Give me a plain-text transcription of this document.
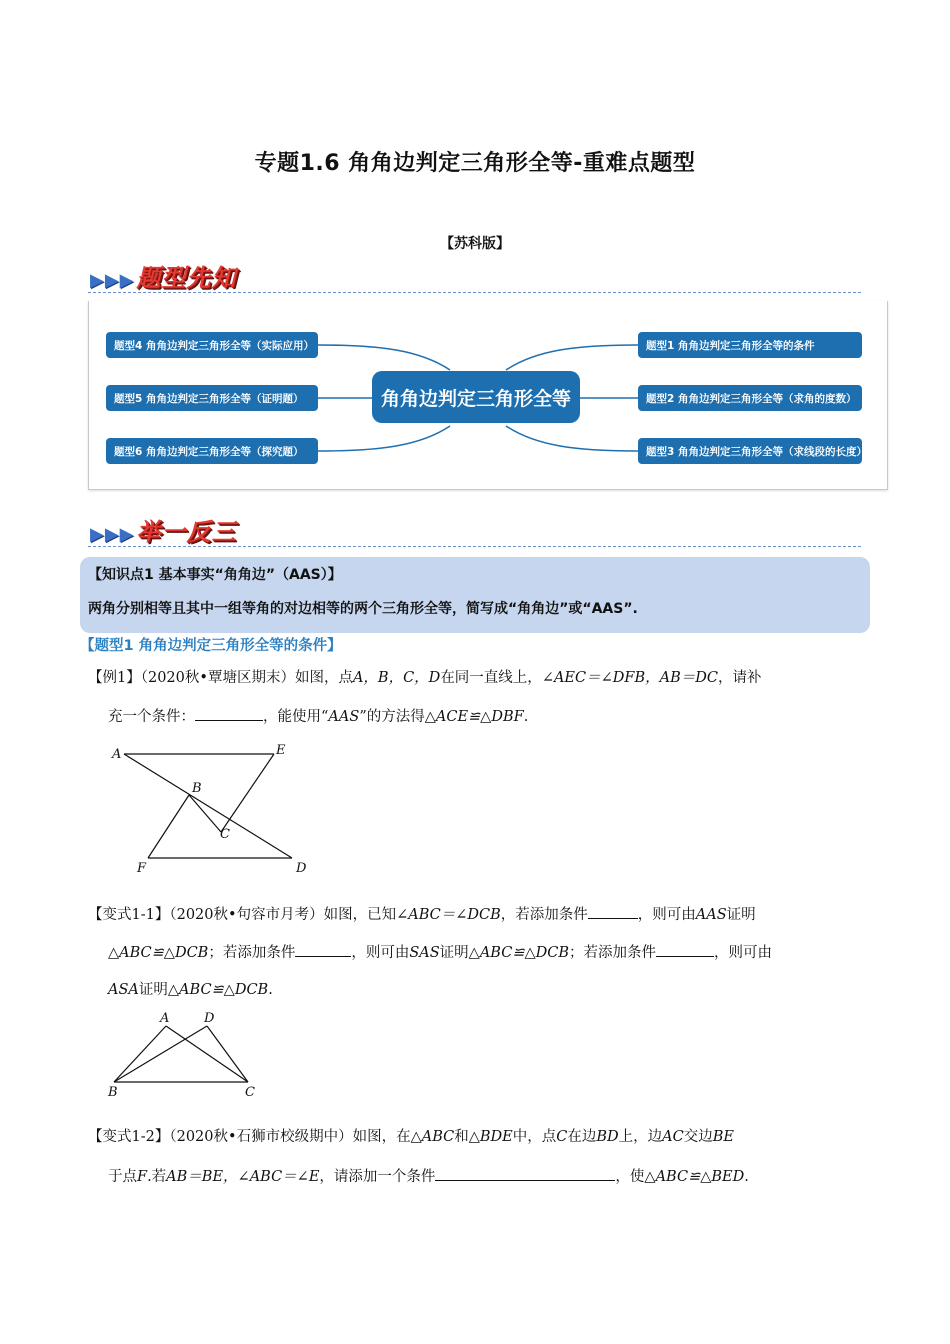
专题1.6 角角边判定三角形全等-重难点题型
【苏科版】
▶▶▶题型先知
题型4 角角边判定三角形全等（实际应用）
题型5 角角边判定三角形全等（证明题）
题型6 角角边判定三角形全等（探究题）
角角边判定三角形全等
题型1 角角边判定三角形全等的条件
题型2 角角边判定三角形全等（求角的度数）
题型3 角角边判定三角形全等（求线段的长度）
▶▶▶举一反三
【知识点1 基本事实“角角边”（AAS）】
两角分别相等且其中一组等角的对边相等的两个三角形全等，简写成“角角边”或“AAS”.
【题型1 角角边判定三角形全等的条件】
【例1】（2020秋•覃塘区期末）如图，点A，B，C，D在同一直线上，∠AEC＝∠DFB，AB＝DC，请补
充一个条件：	，能使用“AAS”的方法得△ACE≌△DBF.
A	E
B
C
F	D
【变式1-1】（2020秋•句容市月考）如图，已知∠ABC＝∠DCB，若添加条件	，则可由AAS证明
△ABC≌△DCB；若添加条件	，则可由SAS证明△ABC≌△DCB；若添加条件	，则可由
ASA证明△ABC≌△DCB.
A	D
B	C
【变式1-2】（2020秋•石狮市校级期中）如图，在△ABC和△BDE中，点C在边BD上，边AC交边BE
于点F.若AB＝BE，∠ABC＝∠E，请添加一个条件	，使△ABC≌△BED.
